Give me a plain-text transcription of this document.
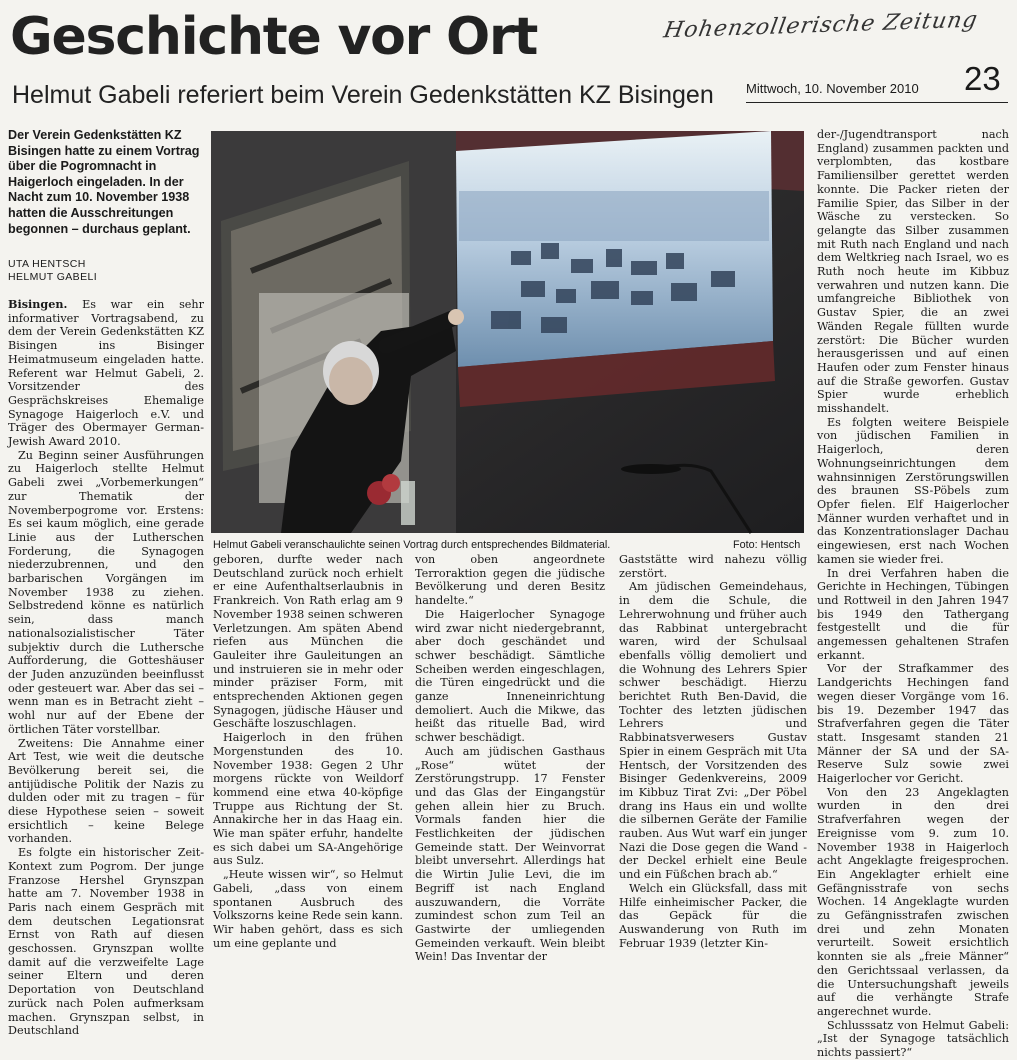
Geschichte vor Ort
Helmut Gabeli referiert beim Verein Gedenkstätten KZ Bisingen
Hohenzollerische Zeitung
Mittwoch, 10. November 2010 23
Der Verein Gedenkstätten KZ Bisingen hatte zu einem Vortrag über die Pogromnacht in Haigerloch eingeladen. In der Nacht zum 10. November 1938 hatten die Ausschreitungen begonnen – durchaus geplant.
UTA HENTSCH
HELMUT GABELI
Helmut Gabeli veranschaulichte seinen Vortrag durch entsprechendes Bildmaterial.	Foto: Hentsch

Bisingen. Es war ein sehr informativer Vortragsabend, zu dem der Verein Gedenkstätten KZ Bisingen ins Bisinger Heimatmuseum eingeladen hatte. Referent war Helmut Gabeli, 2. Vorsitzender des Gesprächskreises Ehemalige Synagoge Haigerloch e.V. und Träger des Obermayer German-Jewish Award 2010.

Zu Beginn seiner Ausführungen zu Haigerloch stellte Helmut Gabeli zwei „Vorbemerkungen“ zur Thematik der Novemberpogrome vor. Erstens: Es sei kaum möglich, eine gerade Linie aus der Lutherschen Forderung, die Synagogen niederzubrennen, und den barbarischen Vorgängen im November 1938 zu ziehen. Selbstredend könne es natürlich sein, dass manch nationalsozialistischer Täter subjektiv durch die Luthersche Aufforderung, die Gotteshäuser der Juden anzuzünden beeinflusst oder gesteuert war. Aber das sei – wenn man es in Betracht zieht – wohl nur auf der Ebene der örtlichen Täter vorstellbar.

Zweitens: Die Annahme einer Art Test, wie weit die deutsche Bevölkerung bereit sei, die antijüdische Politik der Nazis zu dulden oder mit zu tragen – für diese Hypothese seien – soweit ersichtlich – keine Belege vorhanden.

Es folgte ein historischer Zeit-Kontext zum Pogrom. Der junge Franzose Hershel Grynszpan hatte am 7. November 1938 in Paris nach einem Gespräch mit dem deutschen Legationsrat Ernst von Rath auf diesen geschossen. Grynszpan wollte damit auf die verzweifelte Lage seiner Eltern und deren Deportation von Deutschland zurück nach Polen aufmerksam machen. Grynszpan selbst, in Deutschland

geboren, durfte weder nach Deutschland zurück noch erhielt er eine Aufenthaltserlaubnis in Frankreich. Von Rath erlag am 9 November 1938 seinen schweren Verletzungen. Am späten Abend riefen aus München die Gauleiter ihre Gauleitungen an und instruieren sie in mehr oder minder präziser Form, mit entsprechenden Aktionen gegen Synagogen, jüdische Häuser und Geschäfte loszuschlagen.

Haigerloch in den frühen Morgenstunden des 10. November 1938: Gegen 2 Uhr morgens rückte von Weildorf kommend eine etwa 40-köpfige Truppe aus Richtung der St. Annakirche her in das Haag ein. Wie man später erfuhr, handelte es sich dabei um SA-Angehörige aus Sulz.

„Heute wissen wir“, so Helmut Gabeli, „dass von einem spontanen Ausbruch des Volkszorns keine Rede sein kann. Wir haben gehört, dass es sich um eine geplante und

von oben angeordnete Terroraktion gegen die jüdische Bevölkerung und deren Besitz handelte.“

Die Haigerlocher Synagoge wird zwar nicht niedergebrannt, aber doch geschändet und schwer beschädigt. Sämtliche Scheiben werden eingeschlagen, die Türen eingedrückt und die ganze Inneneinrichtung demoliert. Auch die Mikwe, das heißt das rituelle Bad, wird schwer beschädigt.

Auch am jüdischen Gasthaus „Rose“ wütet der Zerstörungstrupp. 17 Fenster und das Glas der Eingangstür gehen allein hier zu Bruch. Vormals fanden hier die Festlichkeiten der jüdischen Gemeinde statt. Der Weinvorrat bleibt unversehrt. Allerdings hat die Wirtin Julie Levi, die im Begriff ist nach England auszuwandern, die Vorräte zumindest schon zum Teil an Gastwirte der umliegenden Gemeinden verkauft. Wein bleibt Wein! Das Inventar der

Gaststätte wird nahezu völlig zerstört.

Am jüdischen Gemeindehaus, in dem die Schule, die Lehrerwohnung und früher auch das Rabbinat untergebracht waren, wird der Schulsaal ebenfalls völlig demoliert und die Wohnung des Lehrers Spier schwer beschädigt. Hierzu berichtet Ruth Ben-David, die Tochter des letzten jüdischen Lehrers und Rabbinatsverwesers Gustav Spier in einem Gespräch mit Uta Hentsch, der Vorsitzenden des Bisinger Gedenkvereins, 2009 im Kibbuz Tirat Zvi: „Der Pöbel drang ins Haus ein und wollte die silbernen Geräte der Familie rauben. Aus Wut warf ein junger Nazi die Dose gegen die Wand - der Deckel erhielt eine Beule und ein Füßchen brach ab.“

Welch ein Glücksfall, dass mit Hilfe einheimischer Packer, die das Gepäck für die Auswanderung von Ruth im Februar 1939 (letzter Kin-

der-/Jugendtransport nach England) zusammen packten und verplombten, das kostbare Familiensilber gerettet werden konnte. Die Packer rieten der Familie Spier, das Silber in der Wäsche zu verstecken. So gelangte das Silber zusammen mit Ruth nach England und nach dem Weltkrieg nach Israel, wo es Ruth noch heute im Kibbuz verwahren und nutzen kann. Die umfangreiche Bibliothek von Gustav Spier, die an zwei Wänden Regale füllten wurde zerstört: Die Bücher wurden herausgerissen und auf einen Haufen oder zum Fenster hinaus auf die Straße geworfen. Gustav Spier wurde erheblich misshandelt.

Es folgten weitere Beispiele von jüdischen Familien in Haigerloch, deren Wohnungseinrichtungen dem wahnsinnigen Zerstörungswillen des braunen SS-Pöbels zum Opfer fielen. Elf Haigerlocher Männer wurden verhaftet und in das Konzentrationslager Dachau eingewiesen, erst nach Wochen kamen sie wieder frei.

In drei Verfahren haben die Gerichte in Hechingen, Tübingen und Rottweil in den Jahren 1947 bis 1949 den Tathergang festgestellt und die für angemessen gehaltenen Strafen erkannt.

Vor der Strafkammer des Landgerichts Hechingen fand wegen dieser Vorgänge vom 16. bis 19. Dezember 1947 das Strafverfahren gegen die Täter statt. Insgesamt standen 21 Männer der SA und der SA-Reserve Sulz sowie zwei Haigerlocher vor Gericht.

Von den 23 Angeklagten wurden in den drei Strafverfahren wegen der Ereignisse vom 9. zum 10. November 1938 in Haigerloch acht Angeklagte freigesprochen. Ein Angeklagter erhielt eine Gefängnisstrafe von sechs Wochen. 14 Angeklagte wurden zu Gefängnisstrafen zwischen drei und zehn Monaten verurteilt. Soweit ersichtlich konnten sie als „freie Männer“ den Gerichtssaal verlassen, da die Untersuchungshaft jeweils auf die verhängte Strafe angerechnet wurde.

Schlusssatz von Helmut Gabeli: „Ist der Synagoge tatsächlich nichts passiert?“
